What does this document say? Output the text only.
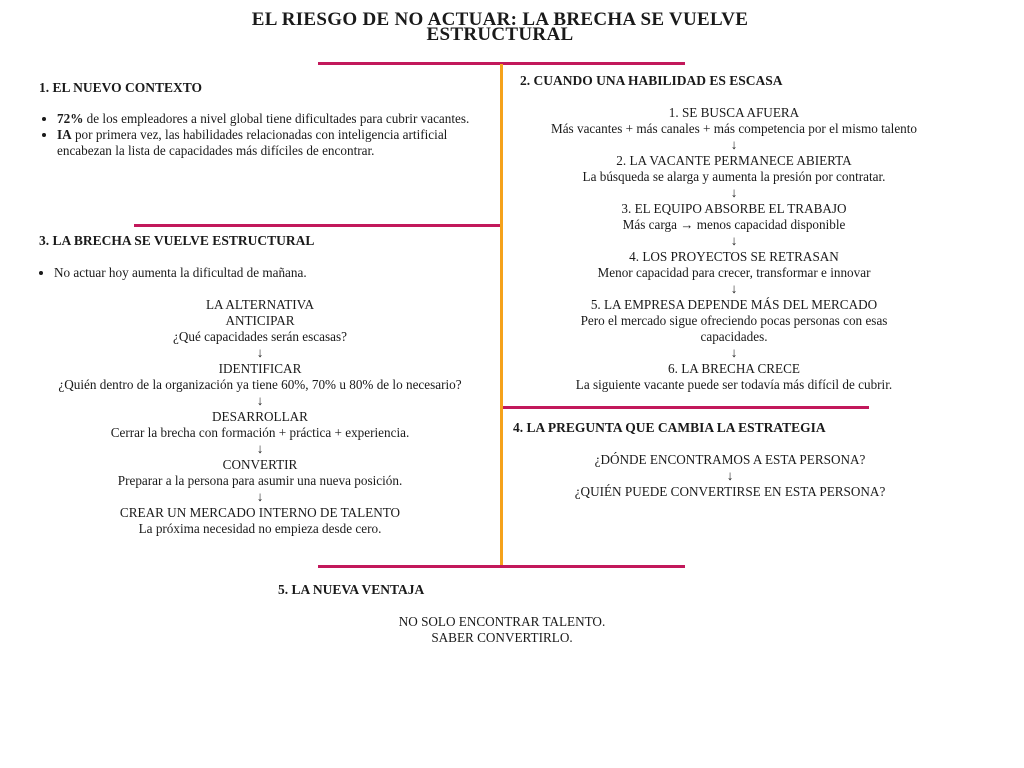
EL RIESGO DE NO ACTUAR: LA BRECHA SE VUELVE ESTRUCTURAL
1. EL NUEVO CONTEXTO
• 72% de los empleadores a nivel global tiene dificultades para cubrir vacantes.
• IA por primera vez, las habilidades relacionadas con inteligencia artificial encabezan la lista de capacidades más difíciles de encontrar.
2. CUANDO UNA HABILIDAD ES ESCASA
1. SE BUSCA AFUERA
Más vacantes + más canales + más competencia por el mismo talento
↓
2. LA VACANTE PERMANECE ABIERTA
La búsqueda se alarga y aumenta la presión por contratar.
↓
3. EL EQUIPO ABSORBE EL TRABAJO
Más carga → menos capacidad disponible
↓
4. LOS PROYECTOS SE RETRASAN
Menor capacidad para crecer, transformar e innovar
↓
5. LA EMPRESA DEPENDE MÁS DEL MERCADO
Pero el mercado sigue ofreciendo pocas personas con esas capacidades.
↓
6. LA BRECHA CRECE
La siguiente vacante puede ser todavía más difícil de cubrir.
3. LA BRECHA SE VUELVE ESTRUCTURAL
• No actuar hoy aumenta la dificultad de mañana.
LA ALTERNATIVA
ANTICIPAR
¿Qué capacidades serán escasas?
↓
IDENTIFICAR
¿Quién dentro de la organización ya tiene 60%, 70% u 80% de lo necesario?
↓
DESARROLLAR
Cerrar la brecha con formación + práctica + experiencia.
↓
CONVERTIR
Preparar a la persona para asumir una nueva posición.
↓
CREAR UN MERCADO INTERNO DE TALENTO
La próxima necesidad no empieza desde cero.
4. LA PREGUNTA QUE CAMBIA LA ESTRATEGIA
¿DÓNDE ENCONTRAMOS A ESTA PERSONA?
↓
¿QUIÉN PUEDE CONVERTIRSE EN ESTA PERSONA?
5. LA NUEVA VENTAJA
NO SOLO ENCONTRAR TALENTO.
SABER CONVERTIRLO.
